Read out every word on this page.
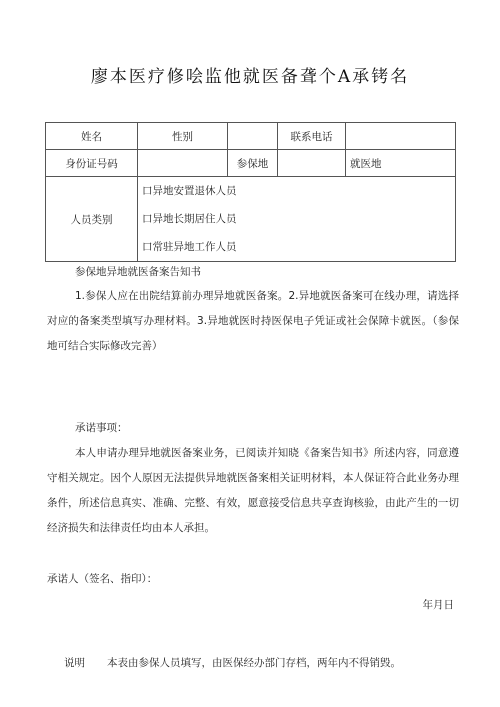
廖本医疗修哙监他就医备聋个A承铐名
姓名	性别		联系电话	
身份证号码		参保地		就医地
人员类别	口异地安置退休人员
口异地长期居住人员
口常驻异地工作人员			
参保地异地就医备案告知书
1.参保人应在出院结算前办理异地就医备案。2.异地就医备案可在线办理，请选择对应的备案类型填写办理材料。3.异地就医时持医保电子凭证或社会保障卡就医。（参保地可结合实际修改完善）
承诺事项：
本人申请办理异地就医备案业务，已阅读并知晓《备案告知书》所述内容，同意遵守相关规定。因个人原因无法提供异地就医备案相关证明材料，本人保证符合此业务办理条件，所述信息真实、准确、完整、有效，愿意接受信息共享查询核验，由此产生的一切经济损失和法律责任均由本人承担。
承诺人（签名、指印）：
年月日
说明 本表由参保人员填写，由医保经办部门存档，两年内不得销毁。
